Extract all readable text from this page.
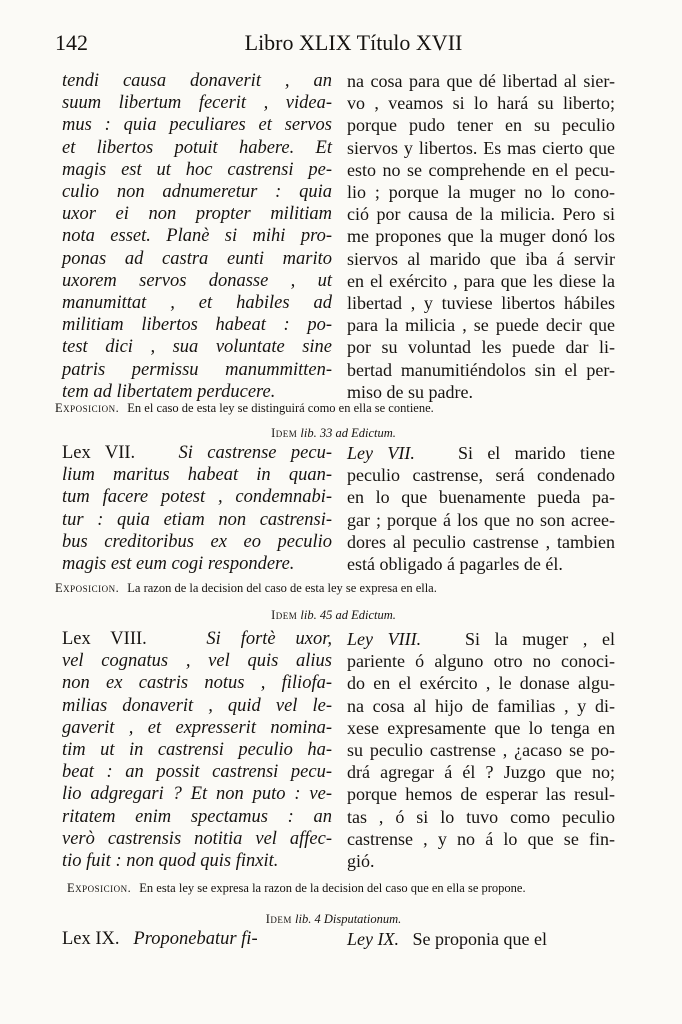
142	Libro XLIX Título XVII
tendi causa donaverit , an
suum libertum fecerit , videa-
mus : quia peculiares et servos
et libertos potuit habere. Et
magis est ut hoc castrensi pe-
culio non adnumeretur : quia
uxor ei non propter militiam
nota esset. Planè si mihi pro-
ponas ad castra eunti marito
uxorem servos donasse , ut
manumittat , et habiles ad
militiam libertos habeat : po-
test dici , sua voluntate sine
patris permissu manummitten-
tem ad libertatem perducere.
na cosa para que dé libertad al sier-
vo , veamos si lo hará su liberto;
porque pudo tener en su peculio
siervos y libertos. Es mas cierto que
esto no se comprehende en el pecu-
lio ; porque la muger no lo cono-
ció por causa de la milicia. Pero si
me propones que la muger donó los
siervos al marido que iba á servir
en el exército , para que les diese la
libertad , y tuviese libertos hábiles
para la milicia , se puede decir que
por su voluntad les puede dar li-
bertad manumitiéndolos sin el per-
miso de su padre.
Exposicion. En el caso de esta ley se distinguirá como en ella se contiene.
Idem lib. 33 ad Edictum.
Lex VII. Si castrense pecu-
lium maritus habeat in quan-
tum facere potest , condemnabi-
tur : quia etiam non castrensi-
bus creditoribus ex eo peculio
magis est eum cogi respondere.
Ley VII. Si el marido tiene
peculio castrense, será condenado
en lo que buenamente pueda pa-
gar ; porque á los que no son acree-
dores al peculio castrense , tambien
está obligado á pagarles de él.
Exposicion. La razon de la decision del caso de esta ley se expresa en ella.
Idem lib. 45 ad Edictum.
Lex VIII.	Si fortè uxor,
vel cognatus , vel quis alius
non ex castris notus , filiofa-
milias donaverit , quid vel le-
gaverit , et expresserit nomina-
tim ut in castrensi peculio ha-
beat : an possit castrensi pecu-
lio adgregari ? Et non puto : ve-
ritatem enim spectamus : an
verò castrensis notitia vel affec-
tio fuit : non quod quis finxit.
Ley VIII. Si la muger , el
pariente ó alguno otro no conoci-
do en el exército , le donase algu-
na cosa al hijo de familias , y di-
xese expresamente que lo tenga en
su peculio castrense , ¿acaso se po-
drá agregar á él ? Juzgo que no;
porque hemos de esperar las resul-
tas , ó si lo tuvo como peculio
castrense , y no á lo que se fin-
gió.
Exposicion. En esta ley se expresa la razon de la decision del caso que en ella se propone.
Idem lib. 4 Disputationum.
Lex IX. Proponebatur fi-	Ley IX. Se proponia que el
